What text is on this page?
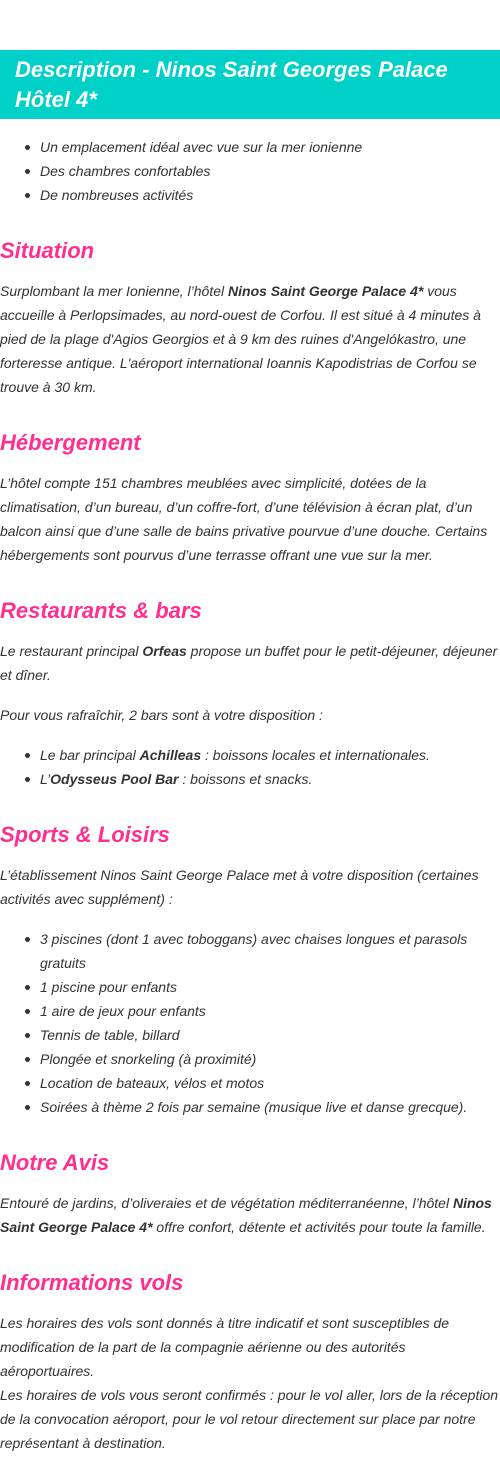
Description - Ninos Saint Georges Palace
Hôtel 4*
Un emplacement idéal avec vue sur la mer ionienne
Des chambres confortables
De nombreuses activités
Situation

Surplombant la mer Ionienne, l’hôtel Ninos Saint George Palace 4* vous accueille à Perlopsimades, au nord-ouest de Corfou. Il est situé à 4 minutes à pied de la plage d'Agios Georgios et à 9 km des ruines d'Angelókastro, une forteresse antique. L'aéroport international Ioannis Kapodistrias de Corfou se trouve à 30 km.

Hébergement

L’hôtel compte 151 chambres meublées avec simplicité, dotées de la climatisation, d’un bureau, d’un coffre-fort, d’une télévision à écran plat, d’un balcon ainsi que d’une salle de bains privative pourvue d’une douche. Certains hébergements sont pourvus d’une terrasse offrant une vue sur la mer.

Restaurants & bars

Le restaurant principal Orfeas propose un buffet pour le petit-déjeuner, déjeuner et dîner.

Pour vous rafraîchir, 2 bars sont à votre disposition :

Le bar principal Achilleas : boissons locales et internationales.
L’Odysseus Pool Bar : boissons et snacks.
Sports & Loisirs

L’établissement Ninos Saint George Palace met à votre disposition (certaines activités avec supplément) :

3 piscines (dont 1 avec toboggans) avec chaises longues et parasols gratuits
1 piscine pour enfants
1 aire de jeux pour enfants
Tennis de table, billard
Plongée et snorkeling (à proximité)
Location de bateaux, vélos et motos
Soirées à thème 2 fois par semaine (musique live et danse grecque).
Notre Avis

Entouré de jardins, d’oliveraies et de végétation méditerranéenne, l’hôtel Ninos Saint George Palace 4* offre confort, détente et activités pour toute la famille.

Informations vols

Les horaires des vols sont donnés à titre indicatif et sont susceptibles de modification de la part de la compagnie aérienne ou des autorités aéroportuaires.
Les horaires de vols vous seront confirmés : pour le vol aller, lors de la réception de la convocation aéroport, pour le vol retour directement sur place par notre représentant à destination.
